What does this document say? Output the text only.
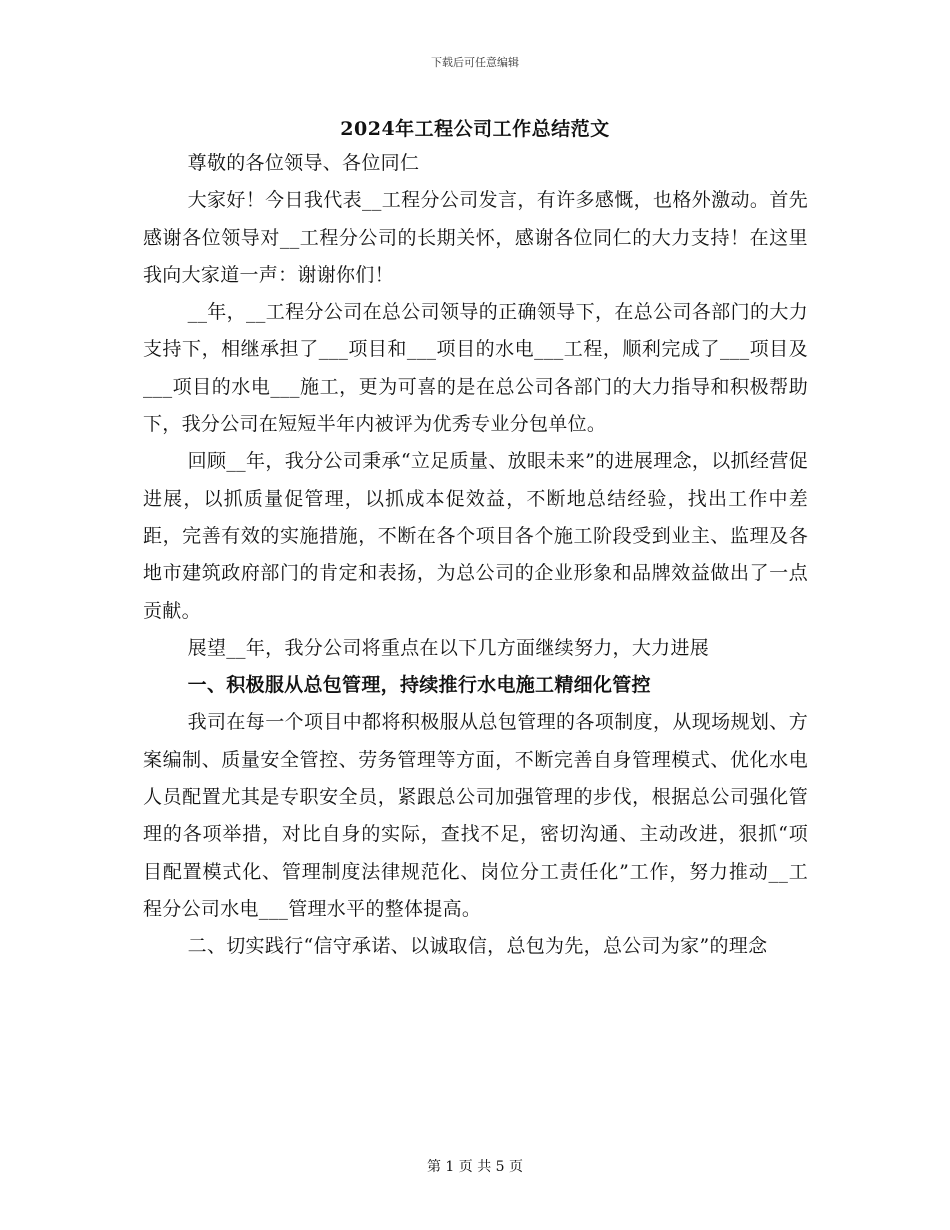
下载后可任意编辑
2024年工程公司工作总结范文

尊敬的各位领导、各位同仁

大家好！今日我代表__工程分公司发言，有许多感慨，也格外激动。首先感谢各位领导对__工程分公司的长期关怀，感谢各位同仁的大力支持！在这里我向大家道一声：谢谢你们！

__年，__工程分公司在总公司领导的正确领导下，在总公司各部门的大力支持下，相继承担了___项目和___项目的水电___工程，顺利完成了___项目及___项目的水电___施工，更为可喜的是在总公司各部门的大力指导和积极帮助下，我分公司在短短半年内被评为优秀专业分包单位。

回顾__年，我分公司秉承“立足质量、放眼未来”的进展理念，以抓经营促进展，以抓质量促管理，以抓成本促效益，不断地总结经验，找出工作中差距，完善有效的实施措施，不断在各个项目各个施工阶段受到业主、监理及各地市建筑政府部门的肯定和表扬，为总公司的企业形象和品牌效益做出了一点贡献。

展望__年，我分公司将重点在以下几方面继续努力，大力进展

一、积极服从总包管理，持续推行水电施工精细化管控

我司在每一个项目中都将积极服从总包管理的各项制度，从现场规划、方案编制、质量安全管控、劳务管理等方面，不断完善自身管理模式、优化水电人员配置尤其是专职安全员，紧跟总公司加强管理的步伐，根据总公司强化管理的各项举措，对比自身的实际，查找不足，密切沟通、主动改进，狠抓“项目配置模式化、管理制度法律规范化、岗位分工责任化”工作，努力推动__工程分公司水电___管理水平的整体提高。

二、切实践行“信守承诺、以诚取信，总包为先，总公司为家”的理念

第 1 页 共 5 页
